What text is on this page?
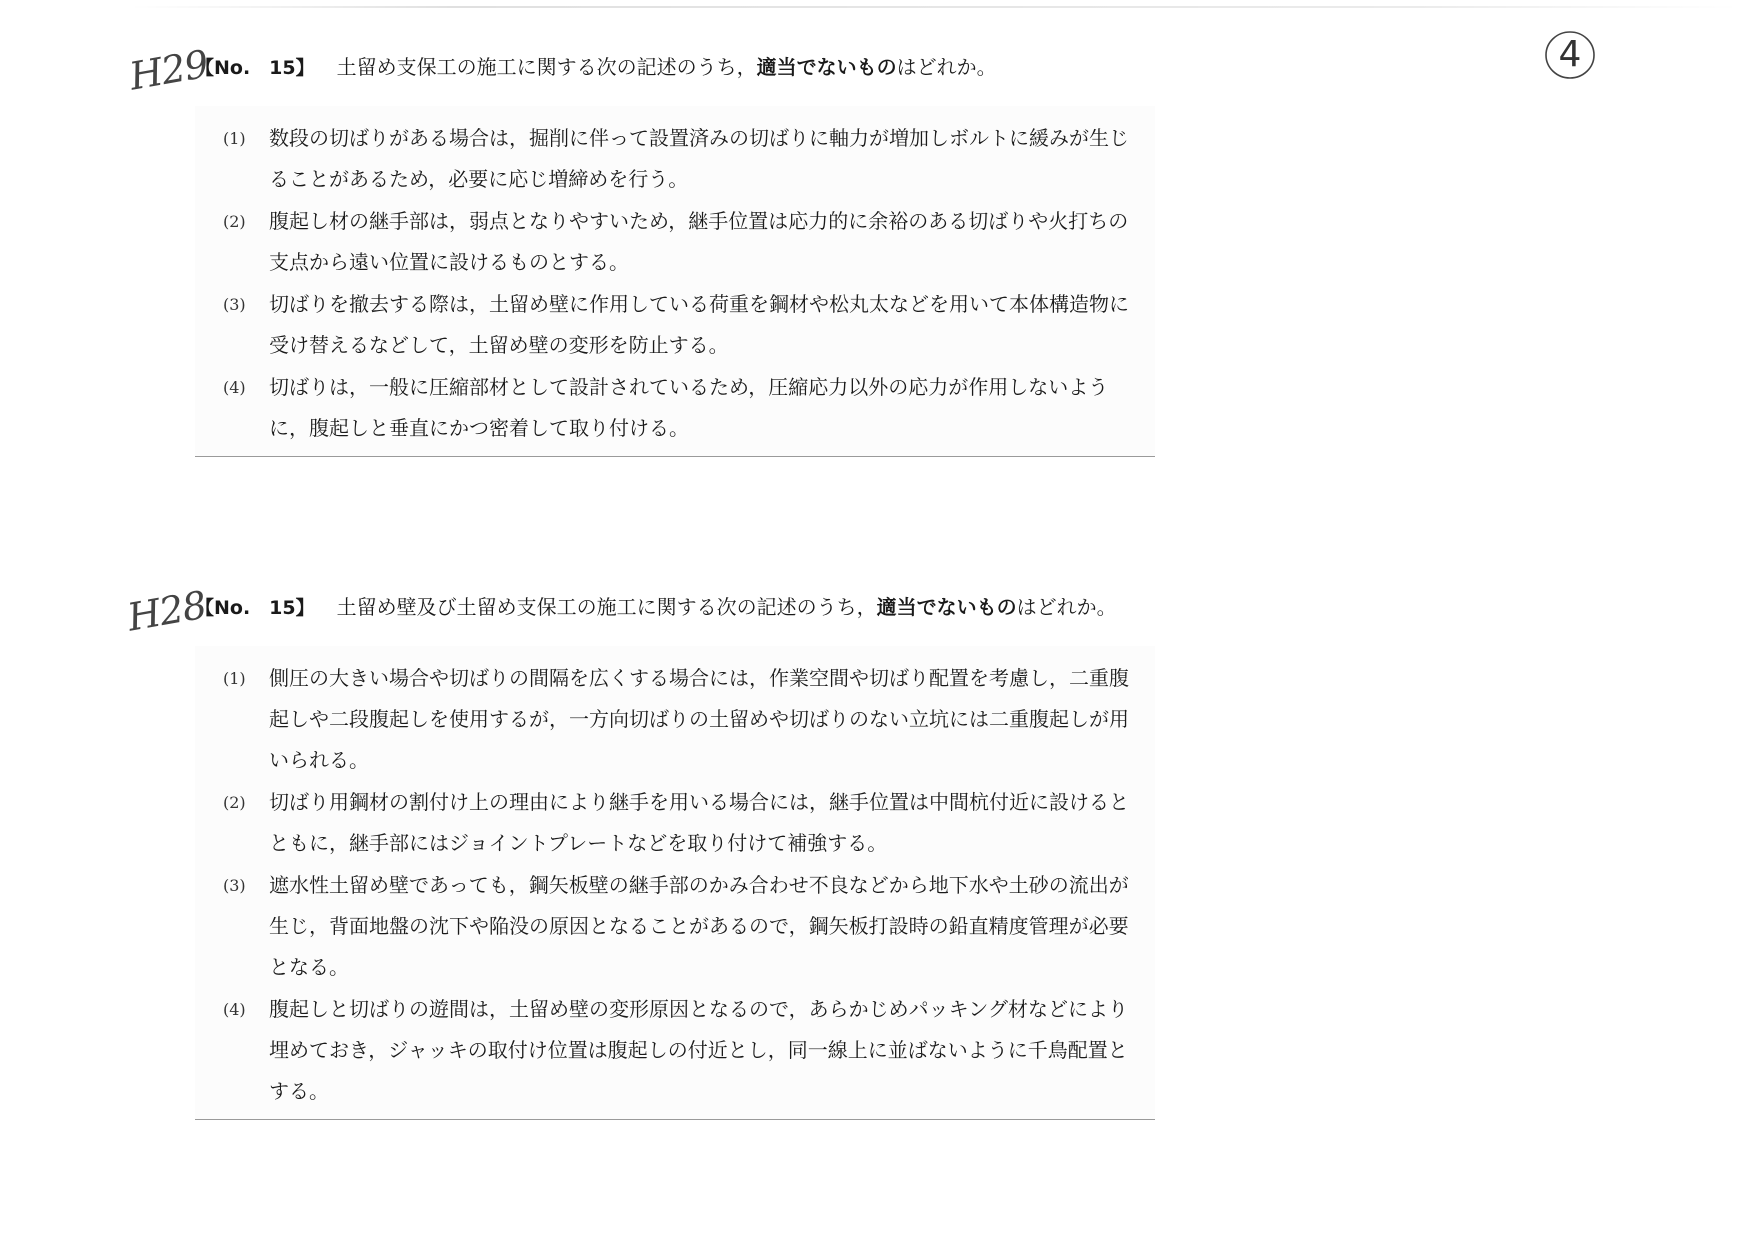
4
H29
H28
【No.　15】 土留め支保工の施工に関する次の記述のうち，適当でないものはどれか。
(1) 数段の切ばりがある場合は，掘削に伴って設置済みの切ばりに軸力が増加しボルトに緩みが生じることがあるため，必要に応じ増締めを行う。
(2) 腹起し材の継手部は，弱点となりやすいため，継手位置は応力的に余裕のある切ばりや火打ちの支点から遠い位置に設けるものとする。
(3) 切ばりを撤去する際は，土留め壁に作用している荷重を鋼材や松丸太などを用いて本体構造物に受け替えるなどして，土留め壁の変形を防止する。
(4) 切ばりは，一般に圧縮部材として設計されているため，圧縮応力以外の応力が作用しないように，腹起しと垂直にかつ密着して取り付ける。
【No.　15】 土留め壁及び土留め支保工の施工に関する次の記述のうち，適当でないものはどれか。
(1) 側圧の大きい場合や切ばりの間隔を広くする場合には，作業空間や切ばり配置を考慮し，二重腹起しや二段腹起しを使用するが，一方向切ばりの土留めや切ばりのない立坑には二重腹起しが用いられる。
(2) 切ばり用鋼材の割付け上の理由により継手を用いる場合には，継手位置は中間杭付近に設けるとともに，継手部にはジョイントプレートなどを取り付けて補強する。
(3) 遮水性土留め壁であっても，鋼矢板壁の継手部のかみ合わせ不良などから地下水や土砂の流出が生じ，背面地盤の沈下や陥没の原因となることがあるので，鋼矢板打設時の鉛直精度管理が必要となる。
(4) 腹起しと切ばりの遊間は，土留め壁の変形原因となるので，あらかじめパッキング材などにより埋めておき，ジャッキの取付け位置は腹起しの付近とし，同一線上に並ばないように千鳥配置とする。
